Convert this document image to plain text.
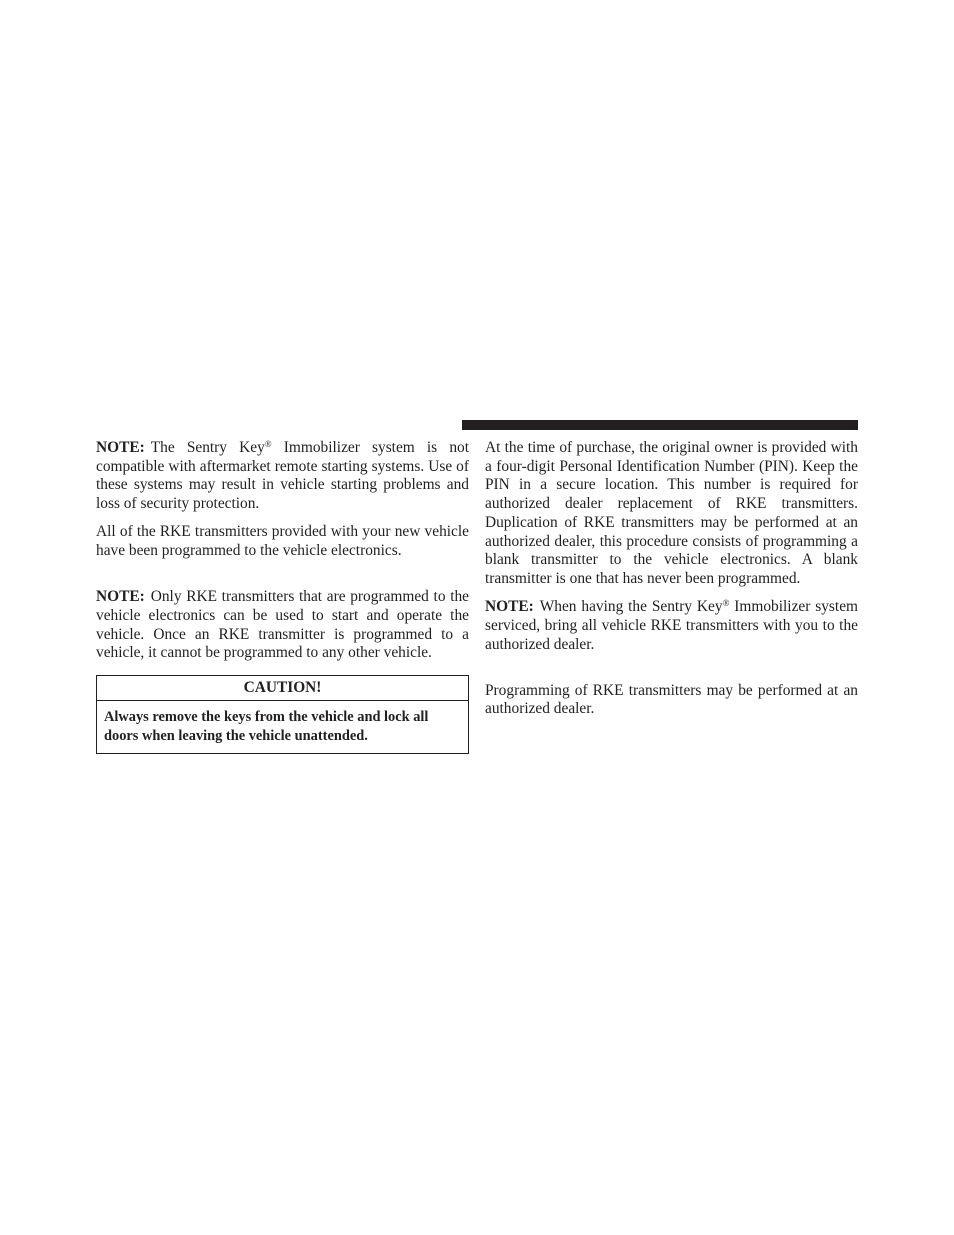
NOTE: The Sentry Key® Immobilizer system is not compatible with aftermarket remote starting systems. Use of these systems may result in vehicle starting problems and loss of security protection.

All of the RKE transmitters provided with your new vehicle have been programmed to the vehicle electronics.

NOTE: Only RKE transmitters that are programmed to the vehicle electronics can be used to start and operate the vehicle. Once an RKE transmitter is programmed to a vehicle, it cannot be programmed to any other vehicle.

CAUTION!
Always remove the keys from the vehicle and lock all doors when leaving the vehicle unattended.

At the time of purchase, the original owner is provided with a four-digit Personal Identification Number (PIN). Keep the PIN in a secure location. This number is required for authorized dealer replacement of RKE transmitters. Duplication of RKE transmitters may be performed at an authorized dealer, this procedure consists of programming a blank transmitter to the vehicle electronics. A blank transmitter is one that has never been programmed.

NOTE: When having the Sentry Key® Immobilizer system serviced, bring all vehicle RKE transmitters with you to the authorized dealer.

Programming of RKE transmitters may be performed at an authorized dealer.
